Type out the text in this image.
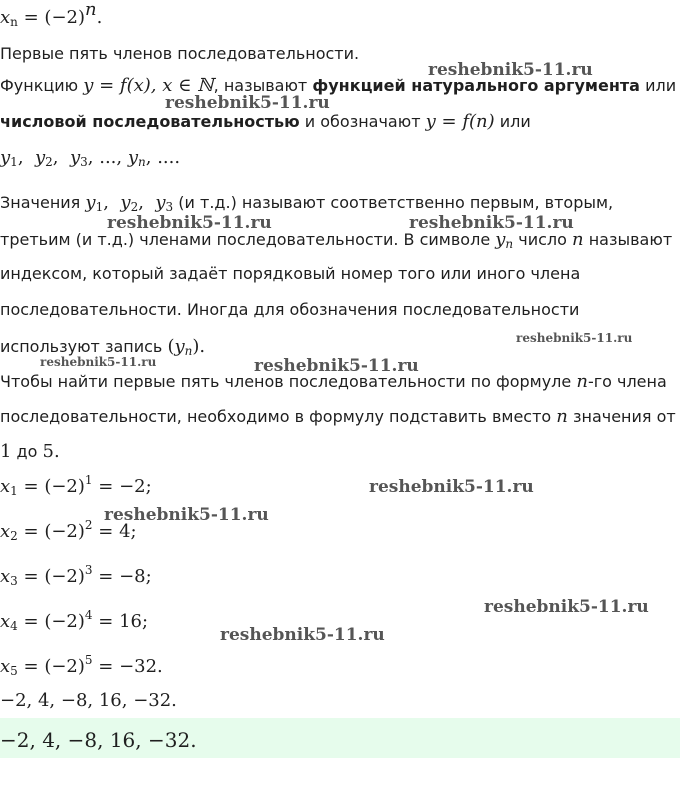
$x_n = (-2)^n$.
Первые пять членов последовательности.
Функцию y = f(x), x ∈ ℕ, называют функцией натурального аргумента или
числовой последовательностью и обозначают y = f(n) или
$y_1$,  $y_2$,  $y_3$, ..., $y_n$, ....
Значения $y_1$,  $y_2$,  $y_3$ (и т.д.) называют соответственно первым, вторым,
третьим (и т.д.) членами последовательности. В символе $y_n$ число n называют
индексом, который задаёт порядковый номер того или иного члена
последовательности. Иногда для обозначения последовательности
используют запись $(y_n)$.
Чтобы найти первые пять членов последовательности по формуле n-го члена
последовательности, необходимо в формулу подставить вместо n значения от
1 до 5.
$x_1 = (-2)^1 = -2$;
$x_2 = (-2)^2 = 4$;
$x_3 = (-2)^3 = -8$;
$x_4 = (-2)^4 = 16$;
$x_5 = (-2)^5 = -32$.
−2, 4, −8, 16, −32.
−2, 4, −8, 16, −32.
reshebnik5-11.ru
reshebnik5-11.ru
reshebnik5-11.ru	reshebnik5-11.ru
reshebnik5-11.ru
reshebnik5-11.ru	reshebnik5-11.ru
reshebnik5-11.ru
reshebnik5-11.ru
reshebnik5-11.ru
reshebnik5-11.ru
